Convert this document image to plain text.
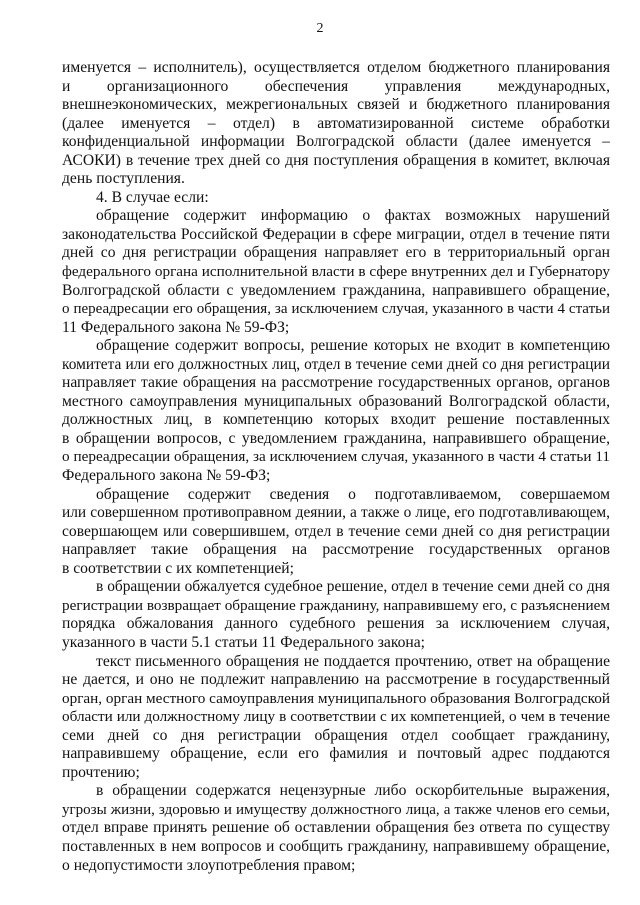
2
именуется – исполнитель), осуществляется отделом бюджетного планирования
и организационного обеспечения управления международных,
внешнеэкономических, межрегиональных связей и бюджетного планирования
(далее именуется – отдел) в автоматизированной системе обработки
конфиденциальной информации Волгоградской области (далее именуется –
АСОКИ) в течение трех дней со дня поступления обращения в комитет, включая
день поступления.
4. В случае если:
обращение содержит информацию о фактах возможных нарушений
законодательства Российской Федерации в сфере миграции, отдел в течение пяти
дней со дня регистрации обращения направляет его в территориальный орган
федерального органа исполнительной власти в сфере внутренних дел и Губернатору
Волгоградской области с уведомлением гражданина, направившего обращение,
о переадресации его обращения, за исключением случая, указанного в части 4 статьи
11 Федерального закона № 59-ФЗ;
обращение содержит вопросы, решение которых не входит в компетенцию
комитета или его должностных лиц, отдел в течение семи дней со дня регистрации
направляет такие обращения на рассмотрение государственных органов, органов
местного самоуправления муниципальных образований Волгоградской области,
должностных лиц, в компетенцию которых входит решение поставленных
в обращении вопросов, с уведомлением гражданина, направившего обращение,
о переадресации обращения, за исключением случая, указанного в части 4 статьи 11
Федерального закона № 59-ФЗ;
обращение содержит сведения о подготавливаемом, совершаемом
или совершенном противоправном деянии, а также о лице, его подготавливающем,
совершающем или совершившем, отдел в течение семи дней со дня регистрации
направляет такие обращения на рассмотрение государственных органов
в соответствии с их компетенцией;
в обращении обжалуется судебное решение, отдел в течение семи дней со дня
регистрации возвращает обращение гражданину, направившему его, с разъяснением
порядка обжалования данного судебного решения за исключением случая,
указанного в части 5.1 статьи 11 Федерального закона;
текст письменного обращения не поддается прочтению, ответ на обращение
не дается, и оно не подлежит направлению на рассмотрение в государственный
орган, орган местного самоуправления муниципального образования Волгоградской
области или должностному лицу в соответствии с их компетенцией, о чем в течение
семи дней со дня регистрации обращения отдел сообщает гражданину,
направившему обращение, если его фамилия и почтовый адрес поддаются
прочтению;
в обращении содержатся нецензурные либо оскорбительные выражения,
угрозы жизни, здоровью и имуществу должностного лица, а также членов его семьи,
отдел вправе принять решение об оставлении обращения без ответа по существу
поставленных в нем вопросов и сообщить гражданину, направившему обращение,
о недопустимости злоупотребления правом;
